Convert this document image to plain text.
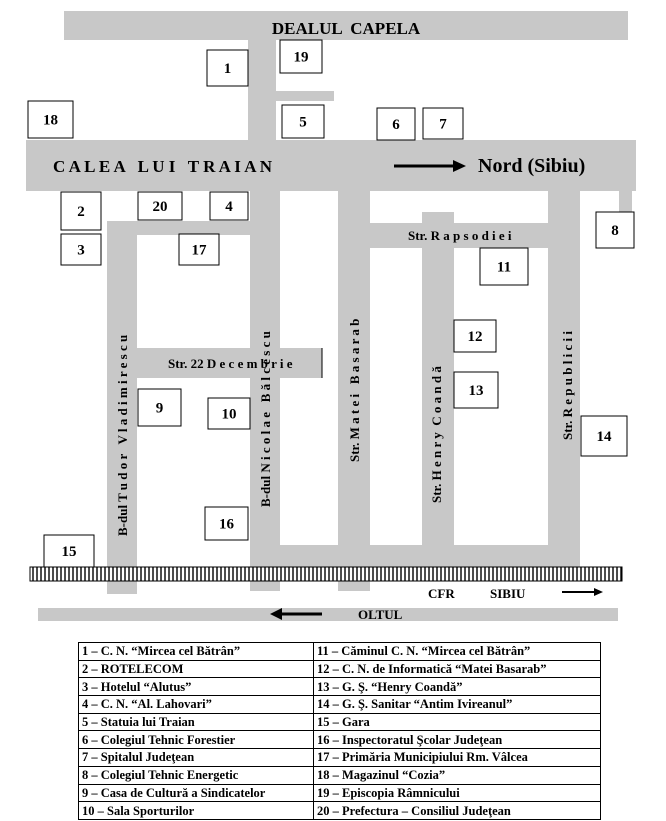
DEALUL  CAPELA
C A L E A   L U I   T R A I A N	Nord (Sibiu)
Str. R a p s o d i e i
Str. 22 D e c e m b r i e
B-dul T u d o r   V l a d i m i r e s c u	B-dul N i c o l a e   B ă l c e s c u	Str. M a t e i   B a s a r a b	Str. H e n r y  C o a n d ă	Str. R e p u b l i c i i
CFR	SIBIU
OLTUL
1
2
3
4
5	6	7
8
9	10
11
12
13
14
15
16
17
18
19
20
1 – C. N. “Mircea cel Bătrân”	11 – Căminul C. N. “Mircea cel Bătrân”
2 – ROTELECOM	12 – C. N. de Informatică “Matei Basarab”
3 – Hotelul “Alutus”	13 – G. Ş. “Henry Coandă”
4 – C. N. “Al. Lahovari”	14 – G. Ş. Sanitar “Antim Ivireanul”
5 – Statuia lui Traian	15 – Gara
6 – Colegiul Tehnic Forestier	16 – Inspectoratul Şcolar Judeţean
7 – Spitalul Judeţean	17 – Primăria Municipiului Rm. Vâlcea
8 – Colegiul Tehnic Energetic	18 – Magazinul “Cozia”
9 – Casa de Cultură a Sindicatelor	19 – Episcopia Râmnicului
10 – Sala Sporturilor	20 – Prefectura – Consiliul Judeţean
